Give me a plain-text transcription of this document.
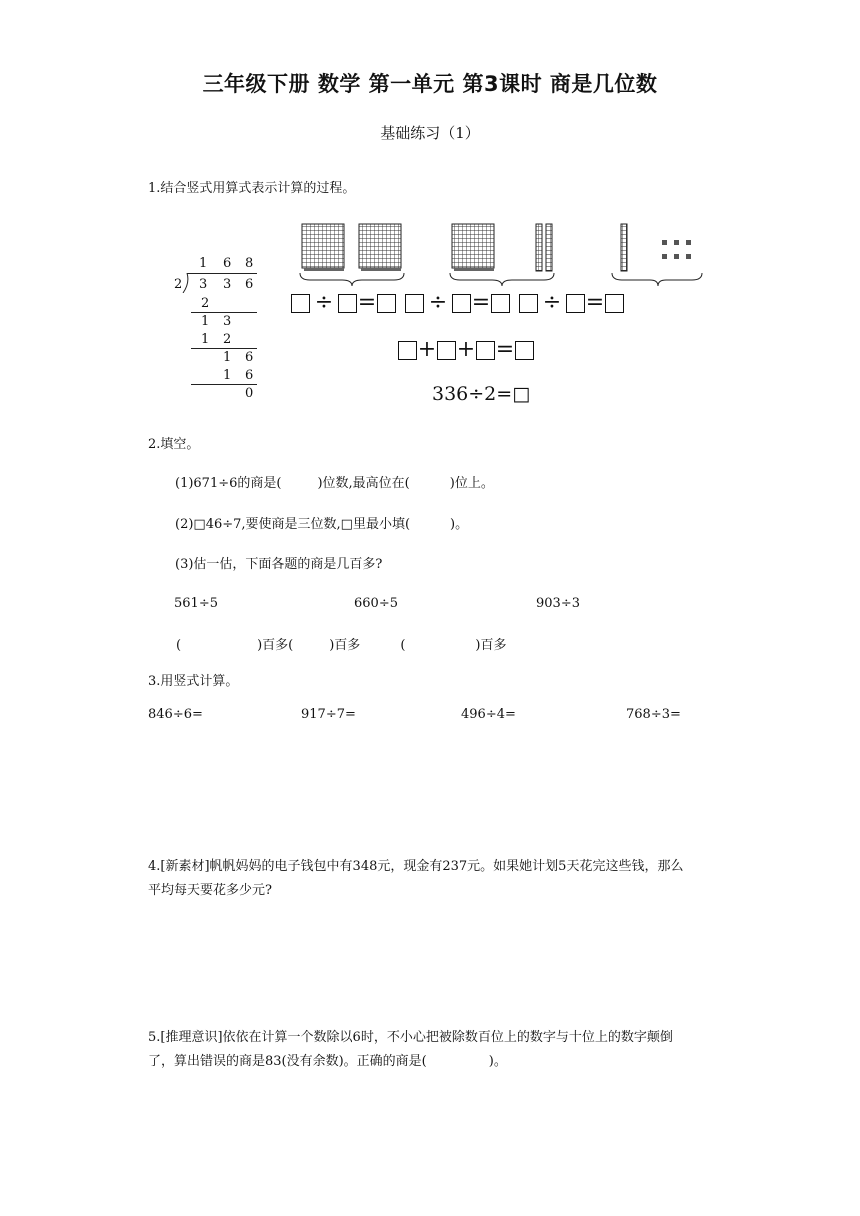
三年级下册 数学 第一单元 第3课时 商是几位数
基础练习（1）
1.结合竖式用算式表示计算的过程。
1 6 8
2 3 3 6
2
1 3
1 2
1 6
1 6
0
÷ = ÷ = ÷ =
+ + =
336÷2=□
2.填空。
(1)671÷6的商是(	)位数,最高位在(	)位上。
(2)□46÷7,要使商是三位数,□里最小填(	)。
(3)估一估，下面各题的商是几百多?
561÷5	660÷5	903÷3
(	)百多(	)百多	(	)百多
3.用竖式计算。
846÷6=	917÷7=	496÷4=	768÷3=
4.[新素材]帆帆妈妈的电子钱包中有348元，现金有237元。如果她计划5天花完这些钱，那么
平均每天要花多少元?
5.[推理意识]依依在计算一个数除以6时，不小心把被除数百位上的数字与十位上的数字颠倒
了，算出错误的商是83(没有余数)。正确的商是(	)。
